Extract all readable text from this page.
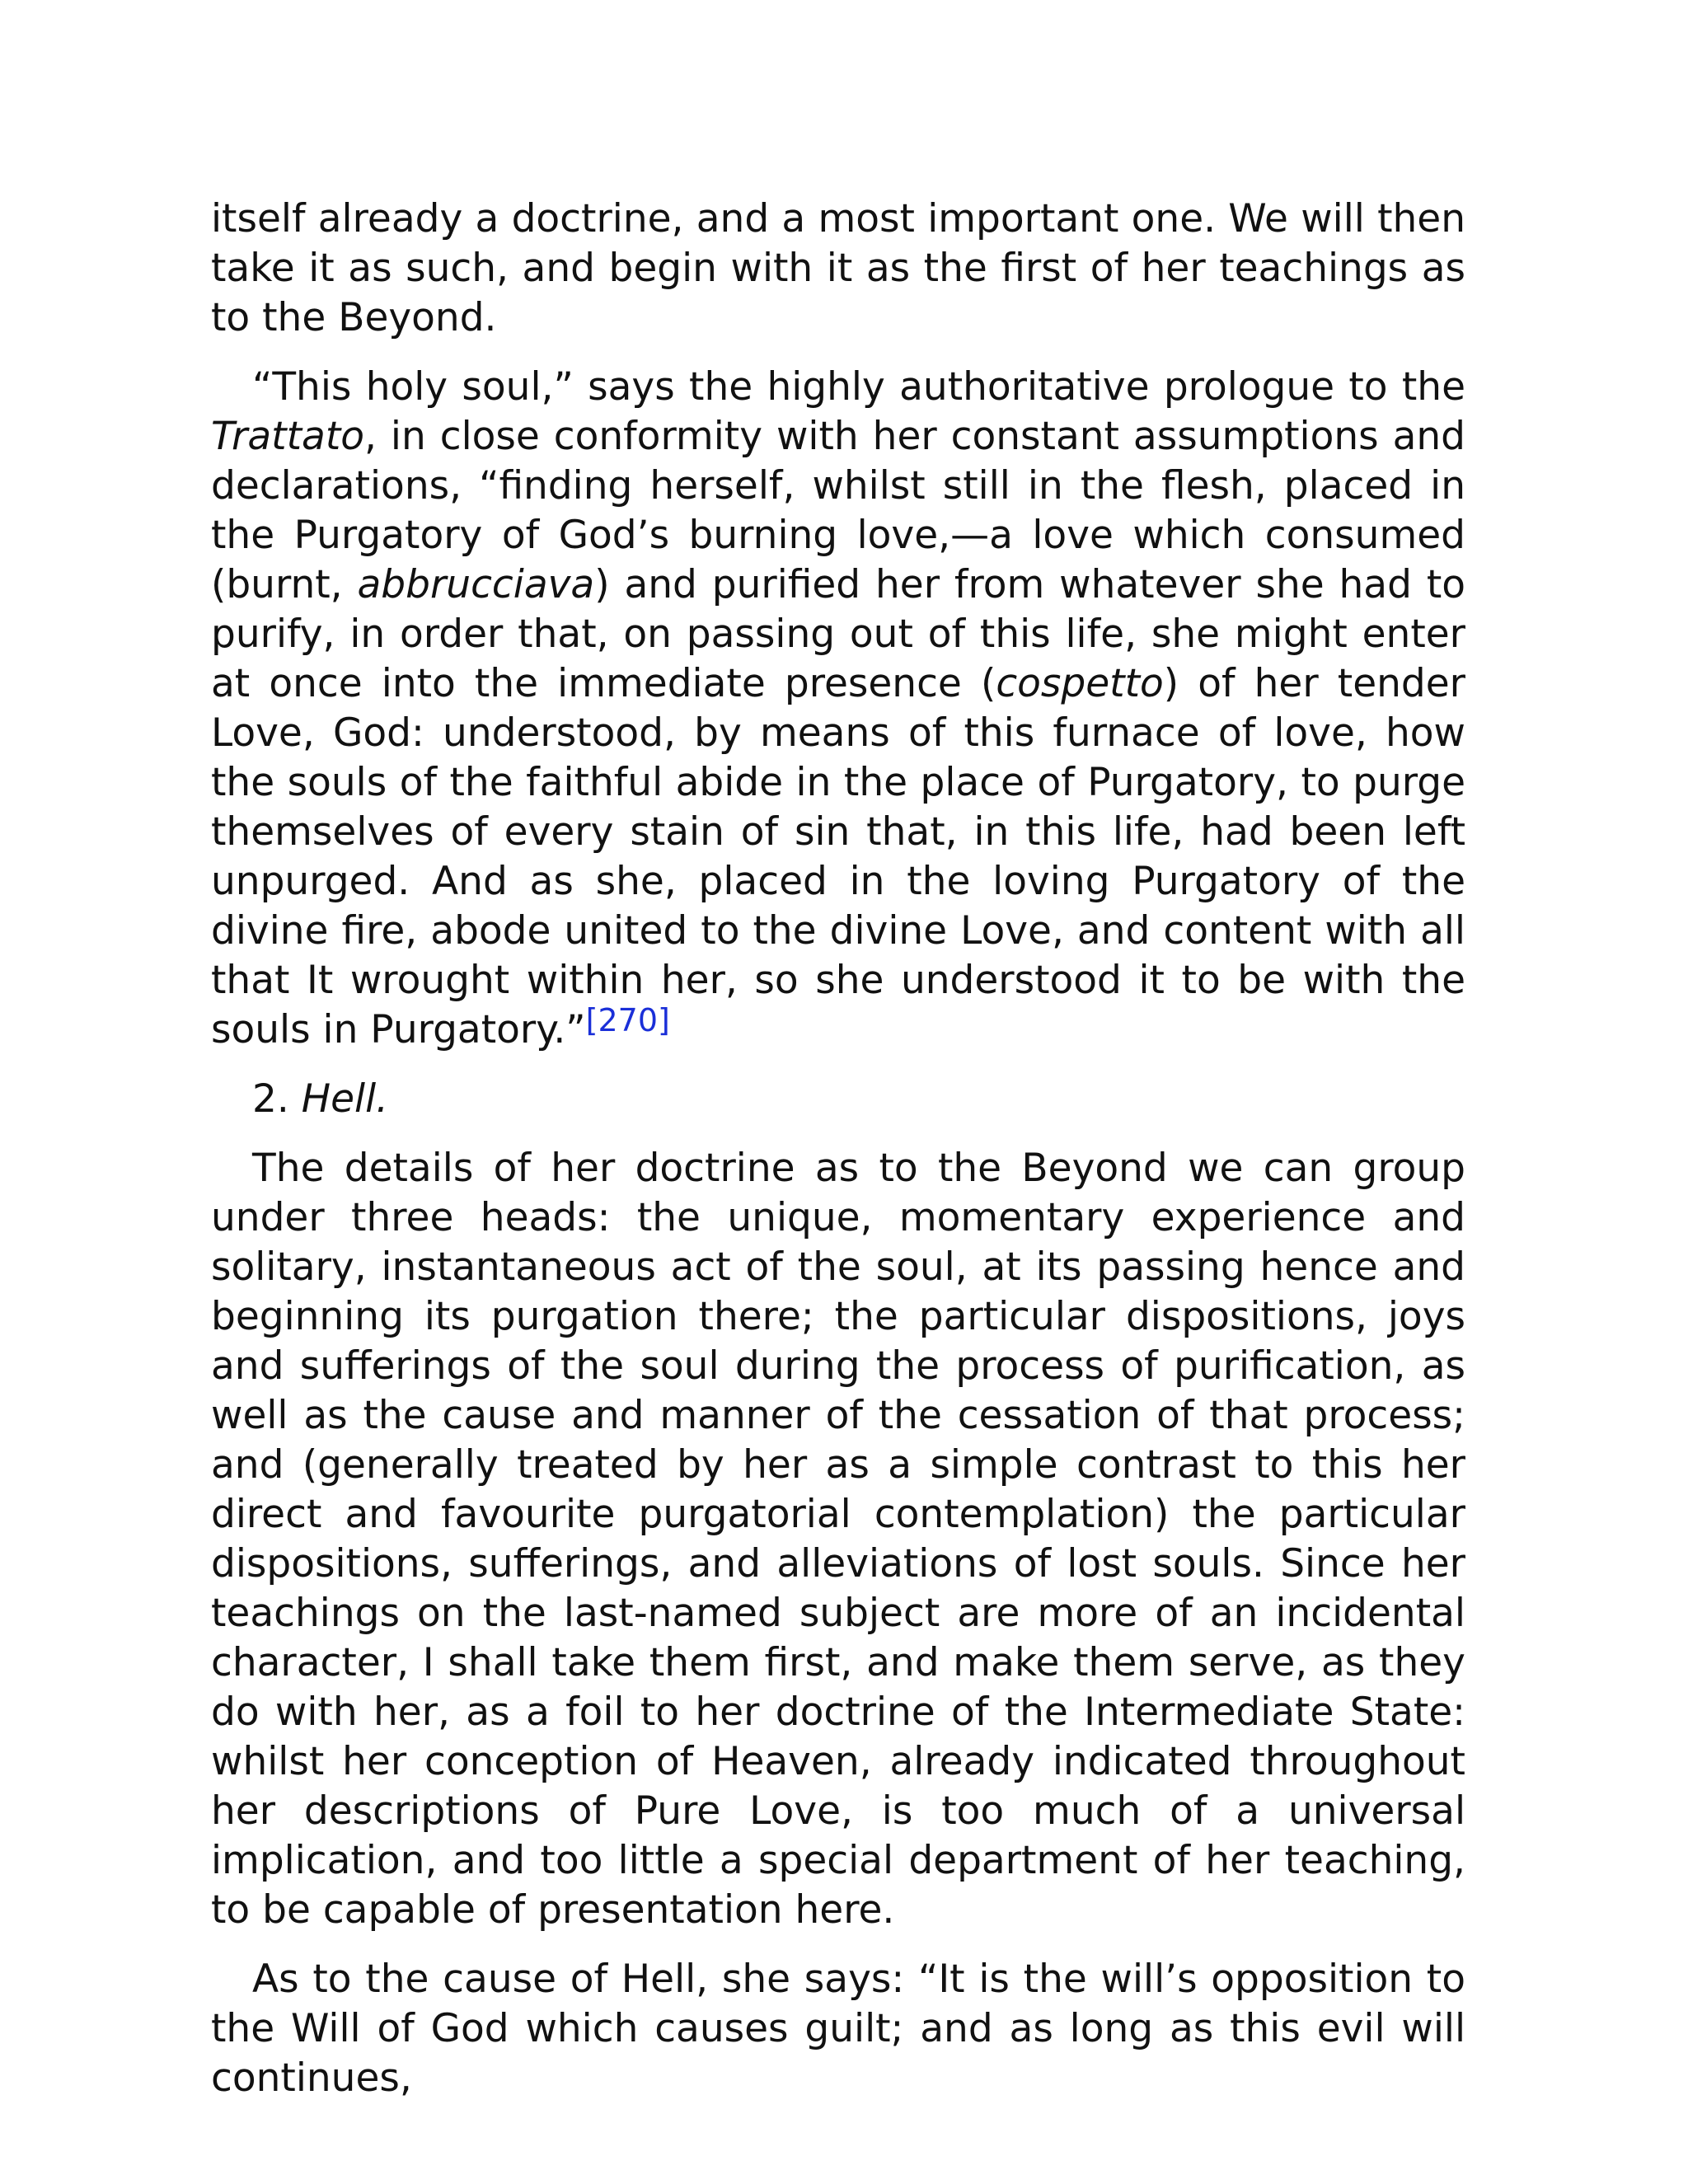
itself already a doctrine, and a most important one. We will then take it as such, and begin with it as the first of her teachings as to the Beyond.

“This holy soul,” says the highly authoritative prologue to the Trattato, in close conformity with her constant assumptions and declarations, “finding herself, whilst still in the flesh, placed in the Purgatory of God’s burning love,—a love which consumed (burnt, abbrucciava) and purified her from whatever she had to purify, in order that, on passing out of this life, she might enter at once into the immediate presence (cospetto) of her tender Love, God: understood, by means of this furnace of love, how the souls of the faithful abide in the place of Purgatory, to purge themselves of every stain of sin that, in this life, had been left unpurged. And as she, placed in the loving Purgatory of the divine fire, abode united to the divine Love, and content with all that It wrought within her, so she understood it to be with the souls in Purgatory.”[270]

2. Hell.

The details of her doctrine as to the Beyond we can group under three heads: the unique, momentary experience and solitary, instantaneous act of the soul, at its passing hence and beginning its purgation there; the particular dispositions, joys and sufferings of the soul during the process of purification, as well as the cause and manner of the cessation of that process; and (generally treated by her as a simple contrast to this her direct and favourite purgatorial contemplation) the particular dispositions, sufferings, and alleviations of lost souls. Since her teachings on the last-named subject are more of an incidental character, I shall take them first, and make them serve, as they do with her, as a foil to her doctrine of the Intermediate State: whilst her conception of Heaven, already indicated throughout her descriptions of Pure Love, is too much of a universal implication, and too little a special department of her teaching, to be capable of presentation here.

As to the cause of Hell, she says: “It is the will’s opposition to the Will of God which causes guilt; and as long as this evil will continues,
